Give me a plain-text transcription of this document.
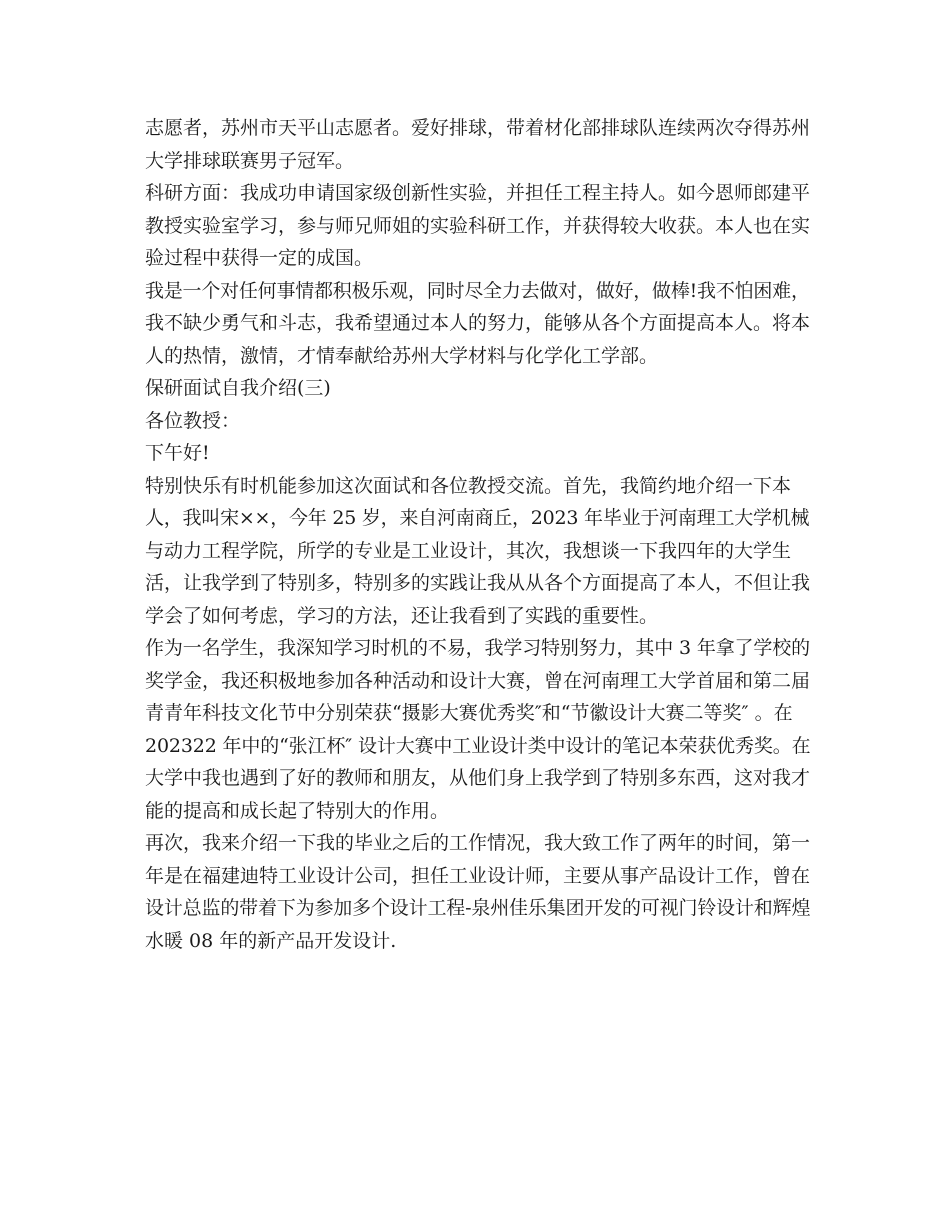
志愿者，苏州市天平山志愿者。爱好排球，带着材化部排球队连续两次夺得苏州
大学排球联赛男子冠军。
科研方面：我成功申请国家级创新性实验，并担任工程主持人。如今恩师郎建平
教授实验室学习，参与师兄师姐的实验科研工作，并获得较大收获。本人也在实
验过程中获得一定的成国。
我是一个对任何事情都积极乐观，同时尽全力去做对，做好，做棒!我不怕困难，
我不缺少勇气和斗志，我希望通过本人的努力，能够从各个方面提高本人。将本
人的热情，激情，才情奉献给苏州大学材料与化学化工学部。
保研面试自我介绍(三)
各位教授：
下午好!
特别快乐有时机能参加这次面试和各位教授交流。首先，我简约地介绍一下本
人，我叫宋××，今年 25 岁，来自河南商丘，2023 年毕业于河南理工大学机械
与动力工程学院，所学的专业是工业设计，其次，我想谈一下我四年的大学生
活，让我学到了特别多，特别多的实践让我从从各个方面提高了本人，不但让我
学会了如何考虑，学习的方法，还让我看到了实践的重要性。
作为一名学生，我深知学习时机的不易，我学习特别努力，其中 3 年拿了学校的
奖学金，我还积极地参加各种活动和设计大赛，曾在河南理工大学首届和第二届
青青年科技文化节中分别荣获“摄影大赛优秀奖″和“节徽设计大赛二等奖″ 。在
202322 年中的“张江杯″ 设计大赛中工业设计类中设计的笔记本荣获优秀奖。在
大学中我也遇到了好的教师和朋友，从他们身上我学到了特别多东西，这对我才
能的提高和成长起了特别大的作用。
再次，我来介绍一下我的毕业之后的工作情况，我大致工作了两年的时间，第一
年是在福建迪特工业设计公司，担任工业设计师，主要从事产品设计工作，曾在
设计总监的带着下为参加多个设计工程-泉州佳乐集团开发的可视门铃设计和辉煌
水暖 08 年的新产品开发设计.
